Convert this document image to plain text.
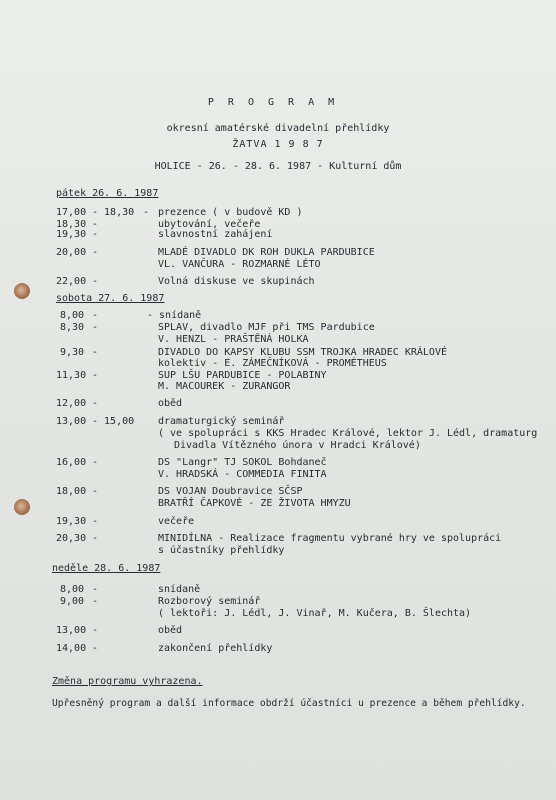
P R O G R A M
okresní amatérské divadelní přehlídky
ŽATVA 1 9 8 7
HOLICE - 26. - 28. 6. 1987 - Kulturní dům
pátek 26. 6. 1987
17,00 - 18,30 - prezence ( v budově KD )
18,30 -	ubytování, večeře
19,30 -	slavnostní zahájení
20,00 -	MLADÉ DIVADLO DK ROH DUKLA PARDUBICE
VL. VANČURA - ROZMARNÉ LÉTO
22,00 -	Volná diskuse ve skupinách
sobota 27. 6. 1987
8,00 -	- snídaně
8,30 -	SPLAV, divadlo MJF při TMS Pardubice
V. HENZL - PRAŠTĚNÁ HOLKA
9,30 -	DIVADLO DO KAPSY KLUBU SSM TROJKA HRADEC KRÁLOVÉ
kolektiv - E. ZÁMEČNÍKOVÁ - PROMÉTHEUS
11,30 -	SUP LŠU PARDUBICE - POLABINY
M. MACOUREK - ZURANGOR
12,00 -	oběd
13,00 - 15,00 dramaturgický seminář
( ve spolupráci s KKS Hradec Králové, lektor J. Lédl, dramaturg
Divadla Vítězného února v Hradci Králové)
16,00 -	DS "Langr" TJ SOKOL Bohdaneč
V. HRADSKÁ - COMMEDIA FINITA
18,00 -	DS VOJAN Doubravice SČSP
BRATŘÍ ČAPKOVÉ - ZE ŽIVOTA HMYZU
19,30 -	večeře
20,30 -	MINIDÍLNA - Realizace fragmentu vybrané hry ve spolupráci
s účastníky přehlídky
neděle 28. 6. 1987
8,00 -	snídaně
9,00 -	Rozborový seminář
( lektoři: J. Lédl, J. Vinař, M. Kučera, B. Šlechta)
13,00 -	oběd
14,00 -	zakončení přehlídky
Změna programu vyhrazena.
Upřesněný program a další informace obdrží účastníci u prezence a během přehlídky.
